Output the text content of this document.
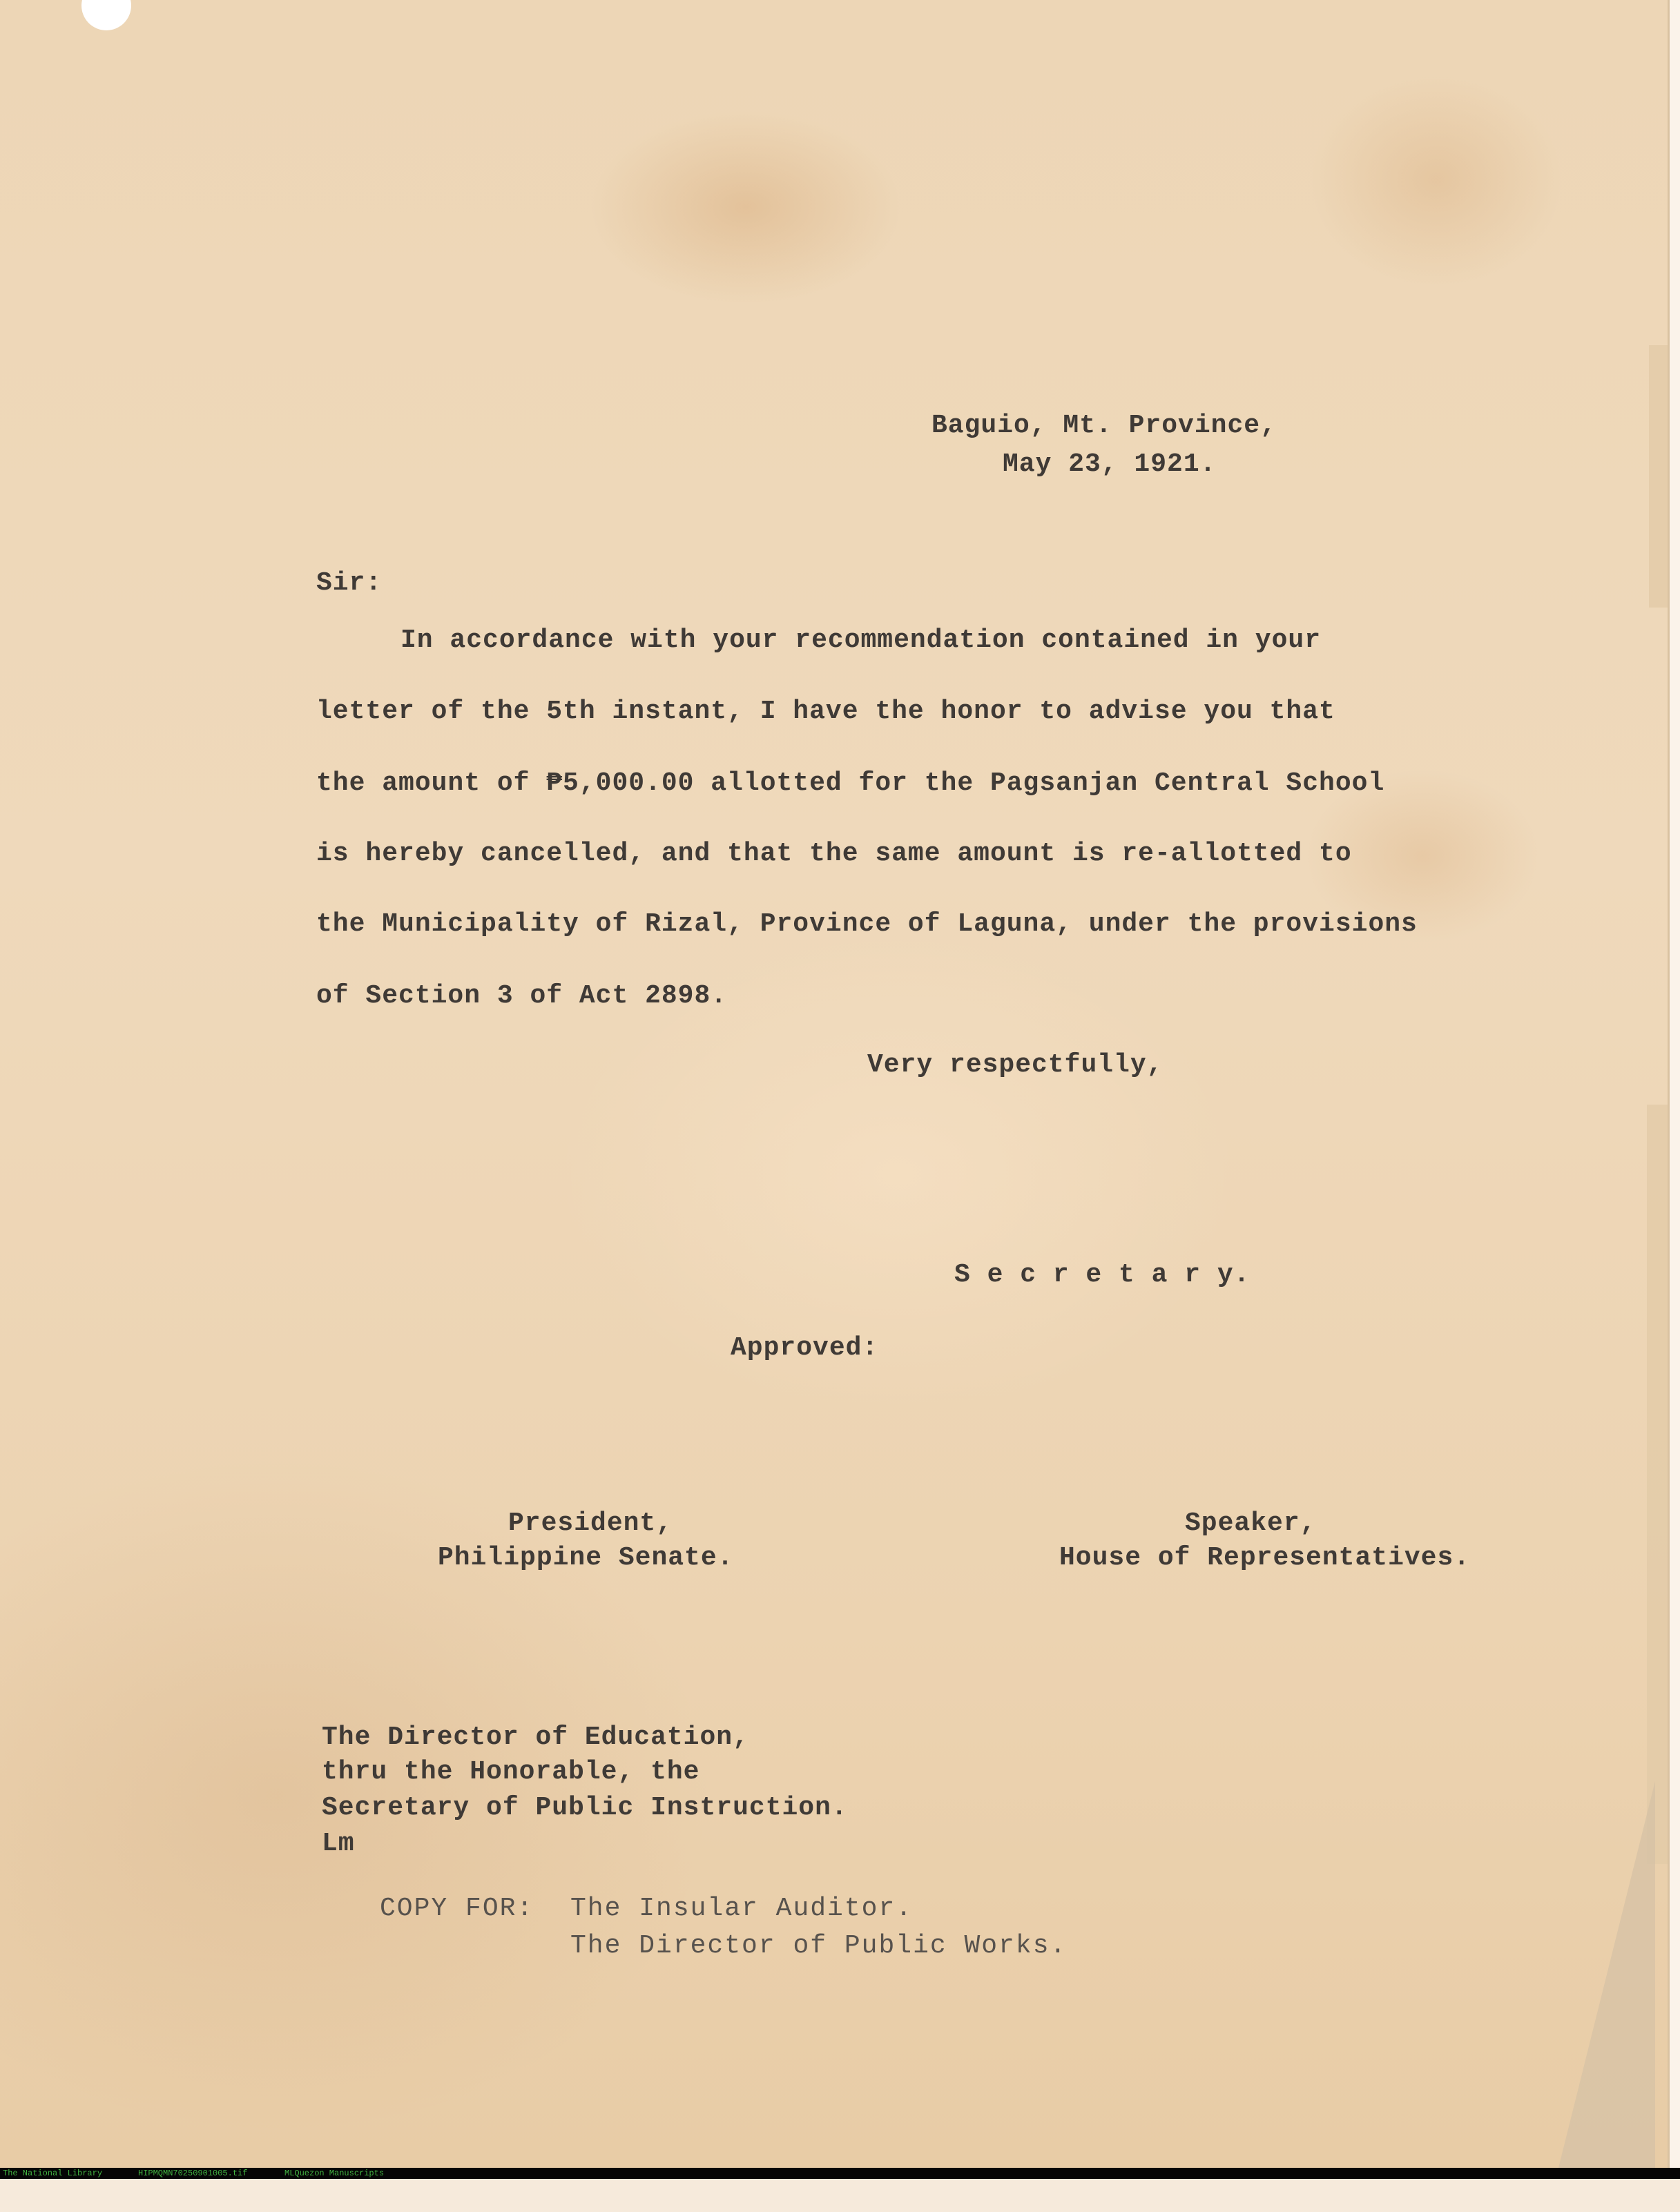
Baguio, Mt. Province,
May 23, 1921.
Sir:
In accordance with your recommendation contained in your
letter of the 5th instant, I have the honor to advise you that
the amount of ₱5,000.00 allotted for the Pagsanjan Central School
is hereby cancelled, and that the same amount is re-allotted to
the Municipality of Rizal, Province of Laguna, under the provisions
of Section 3 of Act 2898.
Very respectfully,
S e c r e t a r y.
Approved:
President,
Philippine Senate.
Speaker,
House of Representatives.
The Director of Education,
thru the Honorable, the
Secretary of Public Instruction.
Lm
COPY FOR: The Insular Auditor.
The Director of Public Works.

The National Library

	HIPMQMN70250901005.tif

	MLQuezon Manuscripts
